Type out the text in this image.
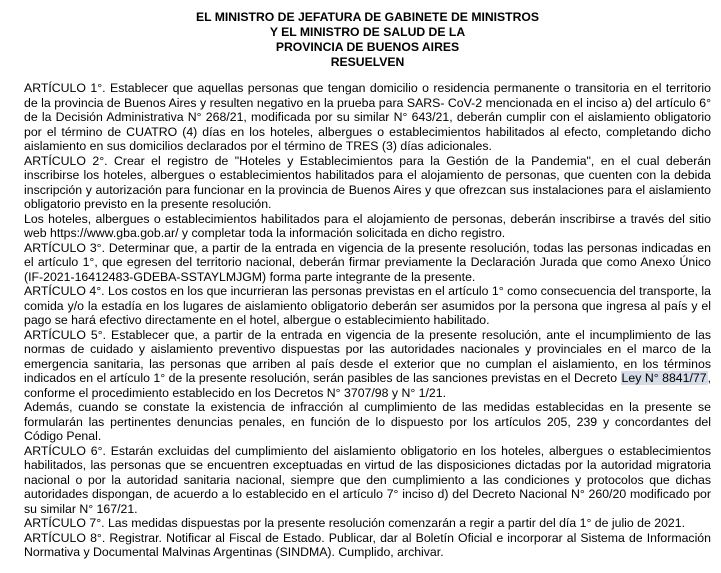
EL MINISTRO DE JEFATURA DE GABINETE DE MINISTROS
Y EL MINISTRO DE SALUD DE LA
PROVINCIA DE BUENOS AIRES
RESUELVEN

ARTÍCULO 1°. Establecer que aquellas personas que tengan domicilio o residencia permanente o transitoria en el territorio de la provincia de Buenos Aires y resulten negativo en la prueba para SARS- CoV-2 mencionada en el inciso a) del artículo 6° de la Decisión Administrativa N° 268/21, modificada por su similar N° 643/21, deberán cumplir con el aislamiento obligatorio por el término de CUATRO (4) días en los hoteles, albergues o establecimientos habilitados al efecto, completando dicho aislamiento en sus domicilios declarados por el término de TRES (3) días adicionales.

ARTÍCULO 2°. Crear el registro de "Hoteles y Establecimientos para la Gestión de la Pandemia", en el cual deberán inscribirse los hoteles, albergues o establecimientos habilitados para el alojamiento de personas, que cuenten con la debida inscripción y autorización para funcionar en la provincia de Buenos Aires y que ofrezcan sus instalaciones para el aislamiento obligatorio previsto en la presente resolución.

Los hoteles, albergues o establecimientos habilitados para el alojamiento de personas, deberán inscribirse a través del sitio web https://www.gba.gob.ar/ y completar toda la información solicitada en dicho registro.

ARTÍCULO 3°. Determinar que, a partir de la entrada en vigencia de la presente resolución, todas las personas indicadas en el artículo 1°, que egresen del territorio nacional, deberán firmar previamente la Declaración Jurada que como Anexo Único (IF-2021-16412483-GDEBA-SSTAYLMJGM) forma parte integrante de la presente.

ARTÍCULO 4°. Los costos en los que incurrieran las personas previstas en el artículo 1° como consecuencia del transporte, la comida y/o la estadía en los lugares de aislamiento obligatorio deberán ser asumidos por la persona que ingresa al país y el pago se hará efectivo directamente en el hotel, albergue o establecimiento habilitado.

ARTÍCULO 5°. Establecer que, a partir de la entrada en vigencia de la presente resolución, ante el incumplimiento de las normas de cuidado y aislamiento preventivo dispuestas por las autoridades nacionales y provinciales en el marco de la emergencia sanitaria, las personas que arriben al país desde el exterior que no cumplan el aislamiento, en los términos indicados en el artículo 1° de la presente resolución, serán pasibles de las sanciones previstas en el Decreto Ley N° 8841/77, conforme el procedimiento establecido en los Decretos N° 3707/98 y N° 1/21.

Además, cuando se constate la existencia de infracción al cumplimiento de las medidas establecidas en la presente se formularán las pertinentes denuncias penales, en función de lo dispuesto por los artículos 205, 239 y concordantes del Código Penal.

ARTÍCULO 6°. Estarán excluidas del cumplimiento del aislamiento obligatorio en los hoteles, albergues o establecimientos habilitados, las personas que se encuentren exceptuadas en virtud de las disposiciones dictadas por la autoridad migratoria nacional o por la autoridad sanitaria nacional, siempre que den cumplimiento a las condiciones y protocolos que dichas autoridades dispongan, de acuerdo a lo establecido en el artículo 7° inciso d) del Decreto Nacional N° 260/20 modificado por su similar N° 167/21.

ARTÍCULO 7°. Las medidas dispuestas por la presente resolución comenzarán a regir a partir del día 1° de julio de 2021.

ARTÍCULO 8°. Registrar. Notificar al Fiscal de Estado. Publicar, dar al Boletín Oficial e incorporar al Sistema de Información Normativa y Documental Malvinas Argentinas (SINDMA). Cumplido, archivar.
